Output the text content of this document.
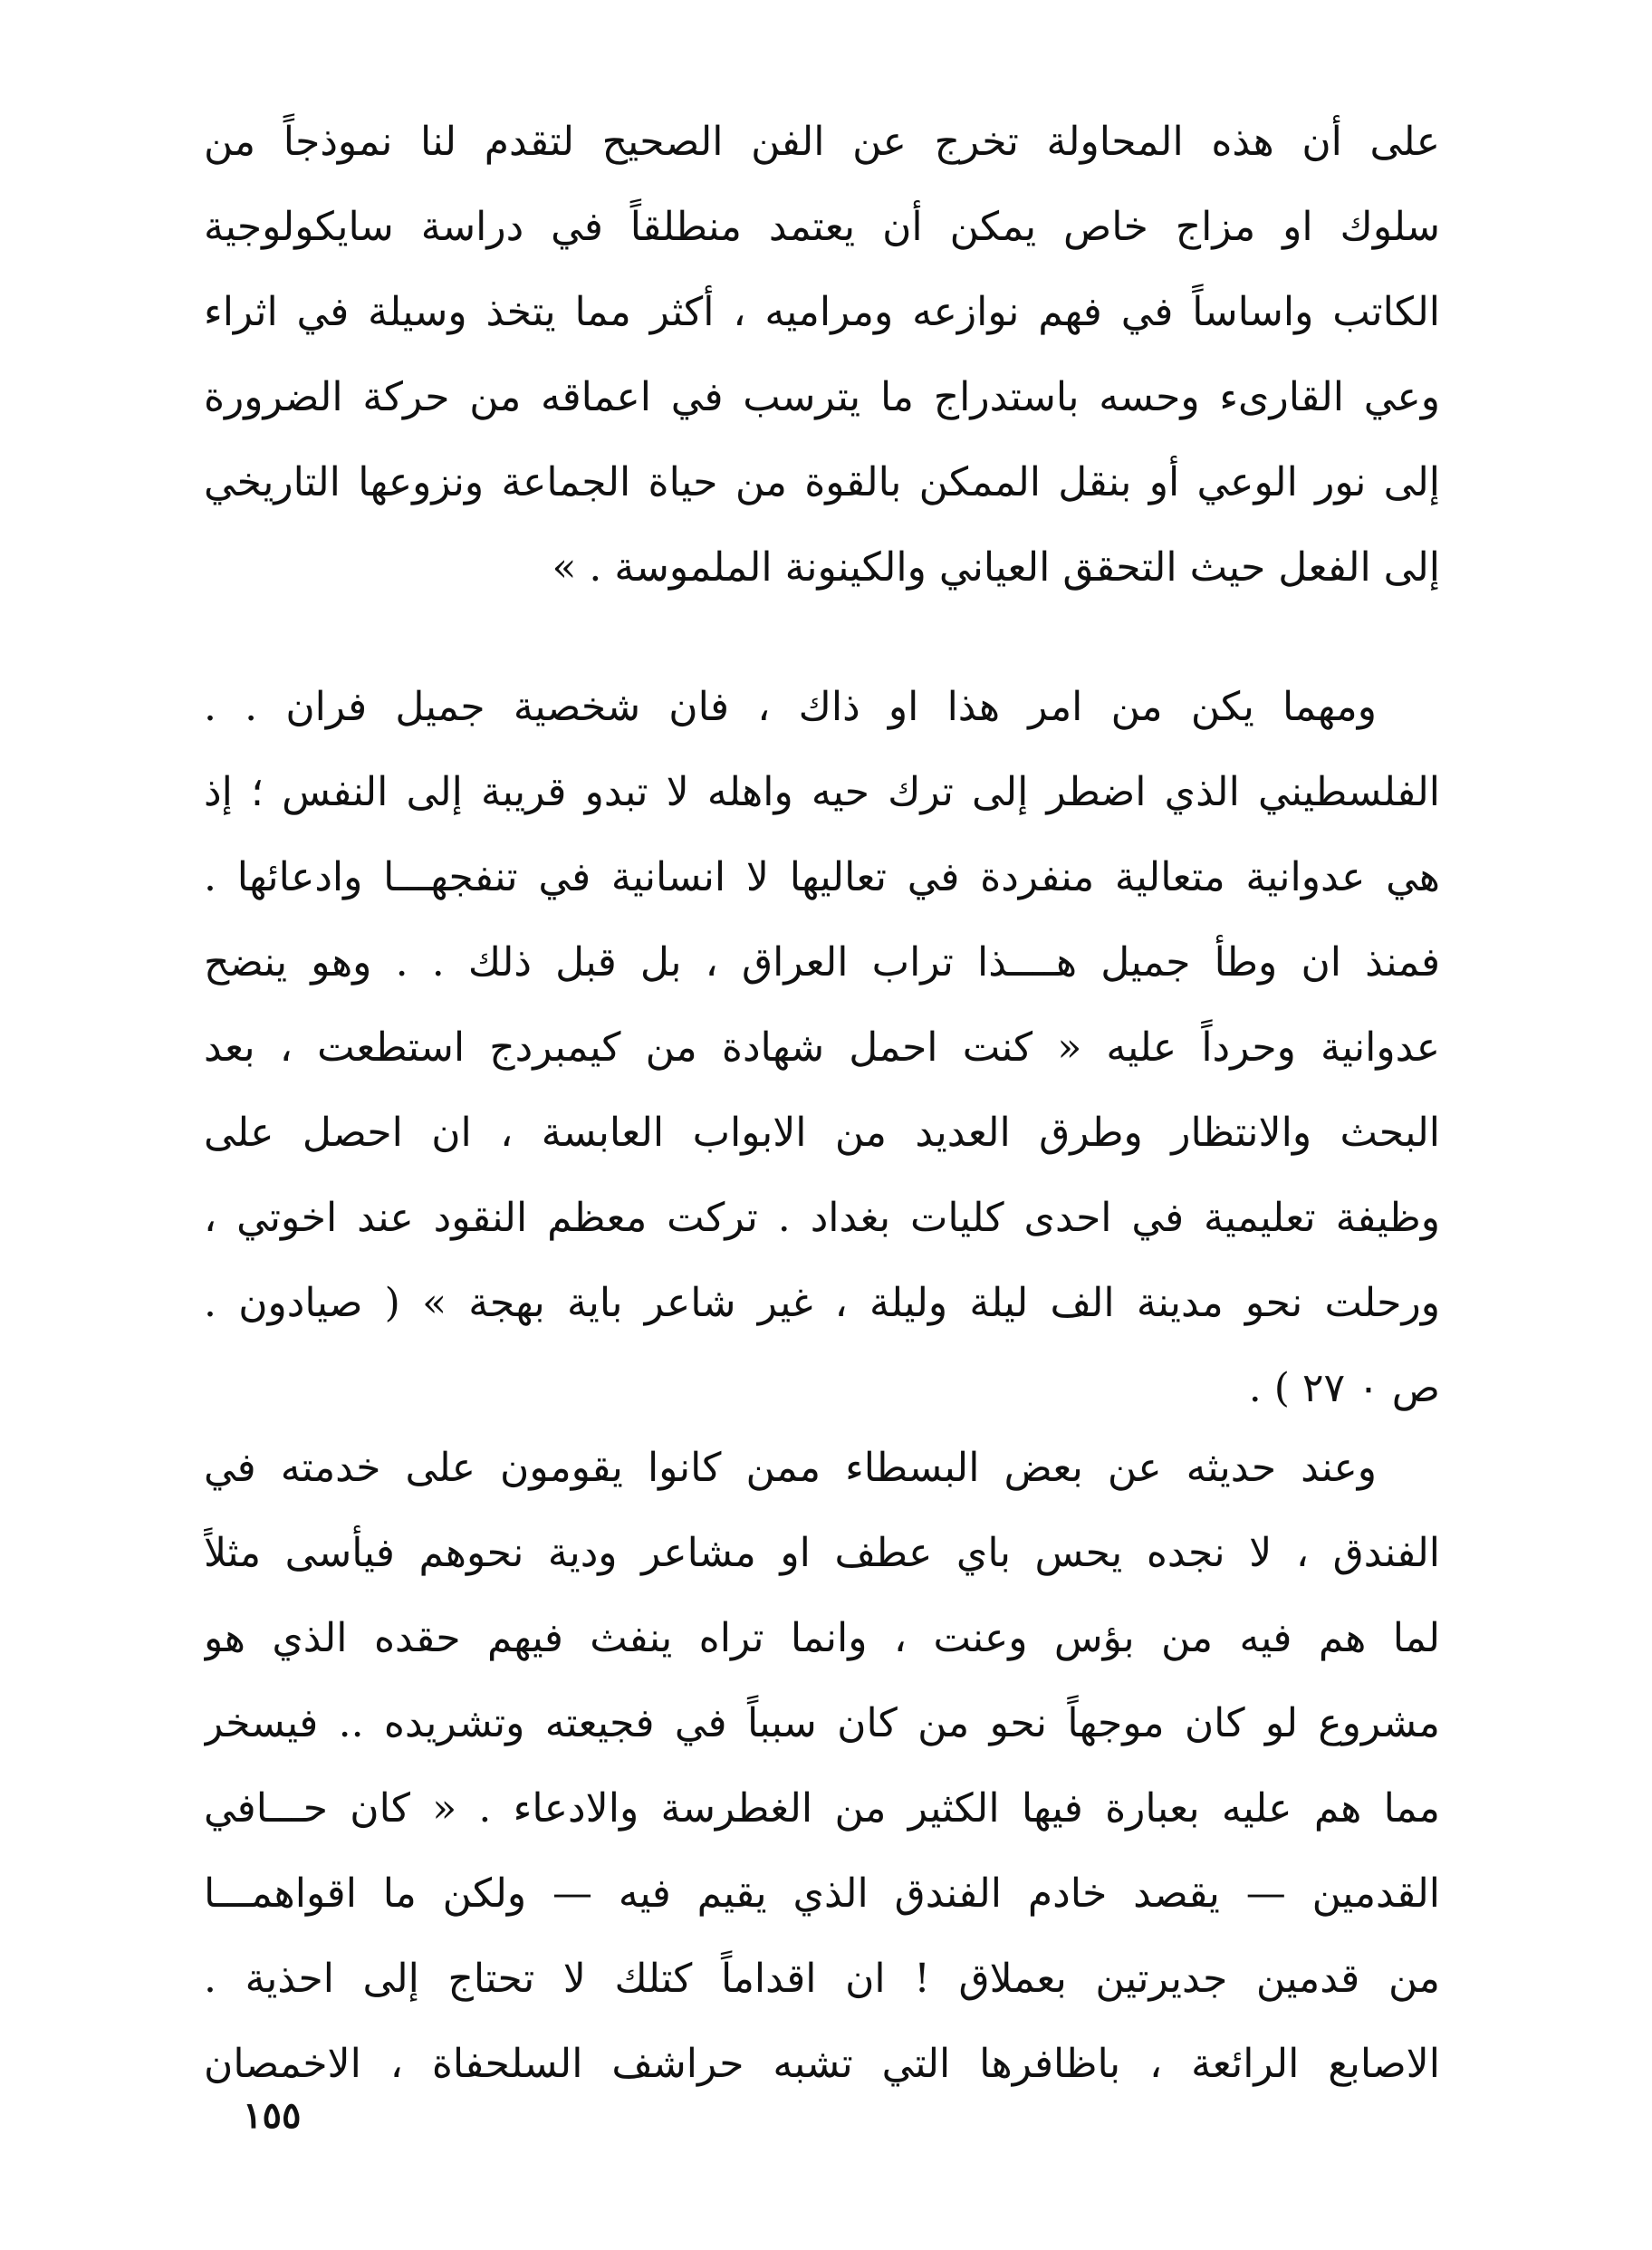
على أن هذه المحاولة تخرج عن الفن الصحيح لتقدم لنا نموذجاً من
سلوك او مزاج خاص يمكن أن يعتمد منطلقاً في دراسة سايكولوجية
الكاتب واساساً في فهم نوازعه ومراميه ، أكثر مما يتخذ وسيلة في اثراء
وعي القارىء وحسه باستدراج ما يترسب في اعماقه من حركة الضرورة
إلى نور الوعي أو بنقل الممكن بالقوة من حياة الجماعة ونزوعها التاريخي
إلى الفعل حيث التحقق العياني والكينونة الملموسة . »
ومهما يكن من امر هذا او ذاك ، فان شخصية جميل فران . .
الفلسطيني الذي اضطر إلى ترك حيه واهله لا تبدو قريبة إلى النفس ؛ إذ
هي عدوانية متعالية منفردة في تعاليها لا انسانية في تنفجهـــا وادعائها .
فمنذ ان وطأ جميل هــــذا تراب العراق ، بل قبل ذلك . . وهو ينضح
عدوانية وحرداً عليه « كنت احمل شهادة من كيمبردج استطعت ، بعد
البحث والانتظار وطرق العديد من الابواب العابسة ، ان احصل على
وظيفة تعليمية في احدى كليات بغداد . تركت معظم النقود عند اخوتي ،
ورحلت نحو مدينة الف ليلة وليلة ، غير شاعر باية بهجة » ( صيادون .
ص ٠ ٢٧ ) .
وعند حديثه عن بعض البسطاء ممن كانوا يقومون على خدمته في
الفندق ، لا نجده يحس باي عطف او مشاعر ودية نحوهم فيأسى مثلاً
لما هم فيه من بؤس وعنت ، وانما تراه ينفث فيهم حقده الذي هو
مشروع لو كان موجهاً نحو من كان سبباً في فجيعته وتشريده .. فيسخر
مما هم عليه بعبارة فيها الكثير من الغطرسة والادعاء . « كان حـــافي
القدمين — يقصد خادم الفندق الذي يقيم فيه — ولكن ما اقواهمـــا
من قدمين جديرتين بعملاق ! ان اقداماً كتلك لا تحتاج إلى احذية .
الاصابع الرائعة ، باظافرها التي تشبه حراشف السلحفاة ، الاخمصان
١٥٥
